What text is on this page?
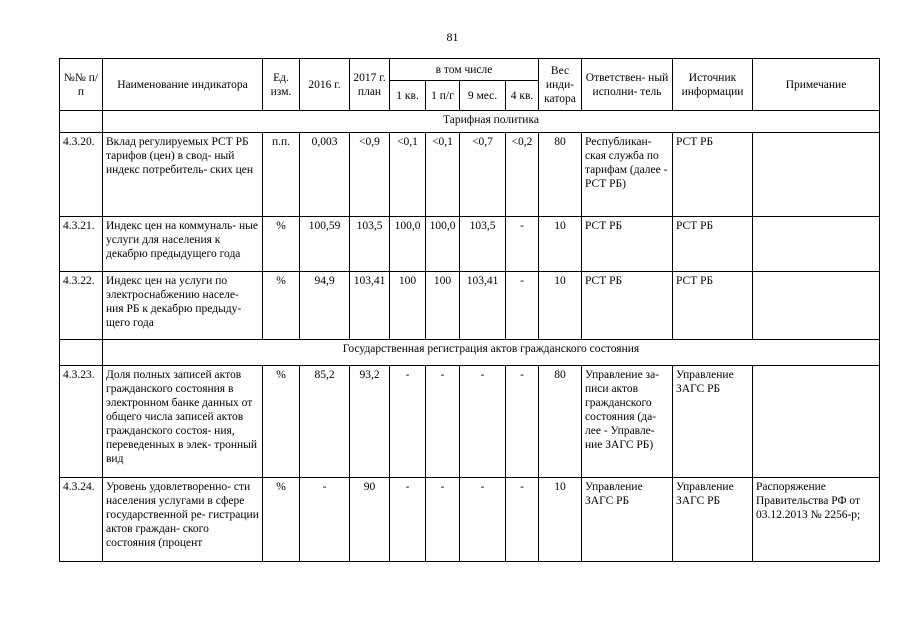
81
№№ п/п	Наименование индикатора	Ед. изм.	2016 г.	2017 г. план	в том числе				Вес инди- катора	Ответствен- ный исполни- тель	Источник информации	Примечание
					1 кв.	1 п/г	9 мес.	4 кв.				
	Тарифная политика											
4.3.20.	Вклад регулируемых РСТ РБ тарифов (цен) в свод- ный индекс потребитель- ских цен	п.п.	0,003	<0,9	<0,1	<0,1	<0,7	<0,2	80	Республикан- ская служба по тарифам (далее - РСТ РБ)	РСТ РБ	
4.3.21.	Индекс цен на коммуналь- ные услуги для населения к декабрю предыдущего года	%	100,59	103,5	100,0	100,0	103,5	-	10	РСТ РБ	РСТ РБ	
4.3.22.	Индекс цен на услуги по электроснабжению населе- ния РБ к декабрю предыду- щего года	%	94,9	103,41	100	100	103,41	-	10	РСТ РБ	РСТ РБ	
	Государственная регистрация актов гражданского состояния											
4.3.23.	Доля полных записей актов гражданского состояния в электронном банке данных от общего числа записей актов гражданского состоя- ния, переведенных в элек- тронный вид	%	85,2	93,2	-	-	-	-	80	Управление за- писи актов гражданского состояния (да- лее - Управле- ние ЗАГС РБ)	Управление ЗАГС РБ	
4.3.24.	Уровень удовлетворенно- сти населения услугами в сфере государственной ре- гистрации актов граждан- ского состояния (процент	%	-	90	-	-	-	-	10	Управление ЗАГС РБ	Управление ЗАГС РБ	Распоряжение Правительства РФ от 03.12.2013 № 2256-р;
